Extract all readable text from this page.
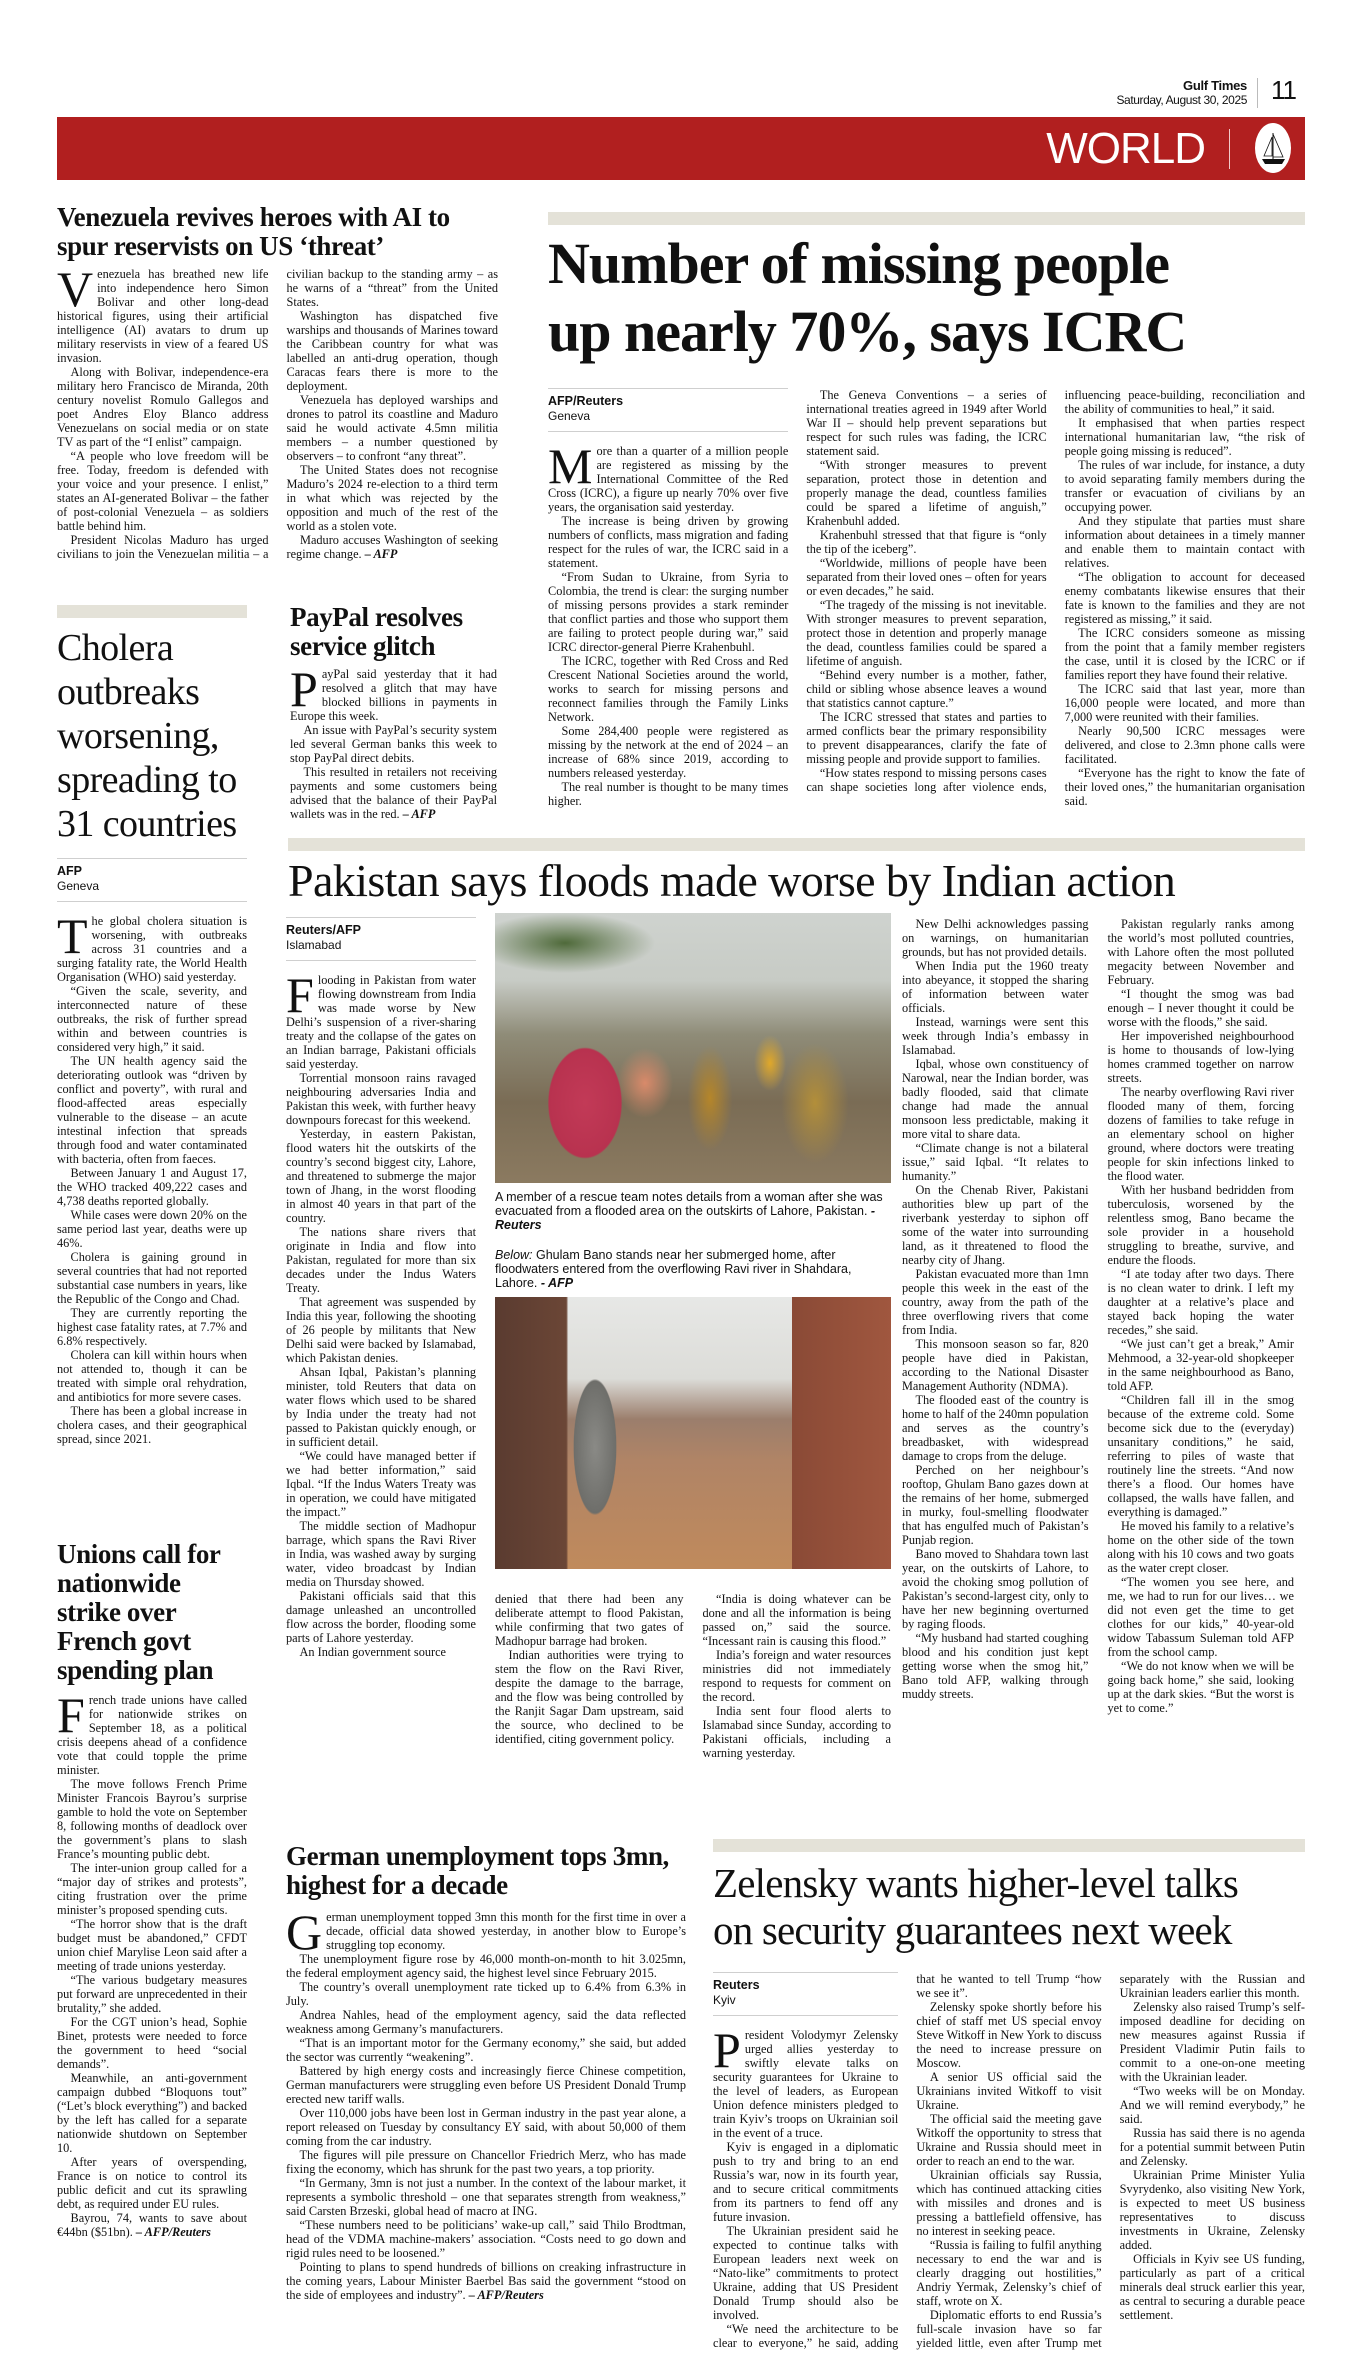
Gulf Times
Saturday, August 30, 2025 11
WORLD
Venezuela revives heroes with AI to spur reservists on US ‘threat’

Venezuela has breathed new life into independence hero Simon Bolivar and other long-dead historical figures, using their artificial intelligence (AI) avatars to drum up military reservists in view of a feared US invasion.

Along with Bolivar, independence-era military hero Francisco de Miranda, 20th century novelist Romulo Gallegos and poet Andres Eloy Blanco address Venezuelans on social media or on state TV as part of the “I enlist” campaign.

“A people who love freedom will be free. Today, freedom is defended with your voice and your presence. I enlist,” states an AI-generated Bolivar – the father of post-colonial Venezuela – as soldiers battle behind him.

President Nicolas Maduro has urged civilians to join the Venezuelan militia – a civilian backup to the standing army – as he warns of a “threat” from the United States.

Washington has dispatched five warships and thousands of Marines toward the Caribbean country for what was labelled an anti-drug operation, though Caracas fears there is more to the deployment.

Venezuela has deployed warships and drones to patrol its coastline and Maduro said he would activate 4.5mn militia members – a number questioned by observers – to confront “any threat”.

The United States does not recognise Maduro’s 2024 re-election to a third term in what which was rejected by the opposition and much of the rest of the world as a stolen vote.

Maduro accuses Washington of seeking regime change. – AFP

Number of missing people
up nearly 70%, says ICRC
AFP/Reuters
Geneva

More than a quarter of a million people are registered as missing by the International Committee of the Red Cross (ICRC), a figure up nearly 70% over five years, the organisation said yesterday.

The increase is being driven by growing numbers of conflicts, mass migration and fading respect for the rules of war, the ICRC said in a statement.

“From Sudan to Ukraine, from Syria to Colombia, the trend is clear: the surging number of missing persons provides a stark reminder that conflict parties and those who support them are failing to protect people during war,” said ICRC director-general Pierre Krahenbuhl.

The ICRC, together with Red Cross and Red Crescent National Societies around the world, works to search for missing persons and reconnect families through the Family Links Network.

Some 284,400 people were registered as missing by the network at the end of 2024 – an increase of 68% since 2019, according to numbers released yesterday.

The real number is thought to be many times higher.

The Geneva Conventions – a series of international treaties agreed in 1949 after World War II – should help prevent separations but respect for such rules was fading, the ICRC statement said.

“With stronger measures to prevent separation, protect those in detention and properly manage the dead, countless families could be spared a lifetime of anguish,” Krahenbuhl added.

Krahenbuhl stressed that that figure is “only the tip of the iceberg”.

“Worldwide, millions of people have been separated from their loved ones – often for years or even decades,” he said.

“The tragedy of the missing is not inevitable. With stronger measures to prevent separation, protect those in detention and properly manage the dead, countless families could be spared a lifetime of anguish.

“Behind every number is a mother, father, child or sibling whose absence leaves a wound that statistics cannot capture.”

The ICRC stressed that states and parties to armed conflicts bear the primary responsibility to prevent disappearances, clarify the fate of missing people and provide support to families.

“How states respond to missing persons cases can shape societies long after violence ends, influencing peace-building, reconciliation and the ability of communities to heal,” it said.

It emphasised that when parties respect international humanitarian law, “the risk of people going missing is reduced”.

The rules of war include, for instance, a duty to avoid separating family members during the transfer or evacuation of civilians by an occupying power.

And they stipulate that parties must share information about detainees in a timely manner and enable them to maintain contact with relatives.

“The obligation to account for deceased enemy combatants likewise ensures that their fate is known to the families and they are not registered as missing,” it said.

The ICRC considers someone as missing from the point that a family member registers the case, until it is closed by the ICRC or if families report they have found their relative.

The ICRC said that last year, more than 16,000 people were located, and more than 7,000 were reunited with their families.

Nearly 90,500 ICRC messages were delivered, and close to 2.3mn phone calls were facilitated.

“Everyone has the right to know the fate of their loved ones,” the humanitarian organisation said.

Cholera
outbreaks
worsening,
spreading to
31 countries
AFP
Geneva

The global cholera situation is worsening, with outbreaks across 31 countries and a surging fatality rate, the World Health Organisation (WHO) said yesterday.

“Given the scale, severity, and interconnected nature of these outbreaks, the risk of further spread within and between countries is considered very high,” it said.

The UN health agency said the deteriorating outlook was “driven by conflict and poverty”, with rural and flood-affected areas especially vulnerable to the disease – an acute intestinal infection that spreads through food and water contaminated with bacteria, often from faeces.

Between January 1 and August 17, the WHO tracked 409,222 cases and 4,738 deaths reported globally.

While cases were down 20% on the same period last year, deaths were up 46%.

Cholera is gaining ground in several countries that had not reported substantial case numbers in years, like the Republic of the Congo and Chad.

They are currently reporting the highest case fatality rates, at 7.7% and 6.8% respectively.

Cholera can kill within hours when not attended to, though it can be treated with simple oral rehydration, and antibiotics for more severe cases.

There has been a global increase in cholera cases, and their geographical spread, since 2021.

PayPal resolves service glitch

PayPal said yesterday that it had resolved a glitch that may have blocked billions in payments in Europe this week.

An issue with PayPal’s security system led several German banks this week to stop PayPal direct debits.

This resulted in retailers not receiving payments and some customers being advised that the balance of their PayPal wallets was in the red. – AFP

Unions call for nationwide strike over French govt spending plan

French trade unions have called for nationwide strikes on September 18, as a political crisis deepens ahead of a confidence vote that could topple the prime minister.

The move follows French Prime Minister Francois Bayrou’s surprise gamble to hold the vote on September 8, following months of deadlock over the government’s plans to slash France’s mounting public debt.

The inter-union group called for a “major day of strikes and protests”, citing frustration over the prime minister’s proposed spending cuts.

“The horror show that is the draft budget must be abandoned,” CFDT union chief Marylise Leon said after a meeting of trade unions yesterday.

“The various budgetary measures put forward are unprecedented in their brutality,” she added.

For the CGT union’s head, Sophie Binet, protests were needed to force the government to heed “social demands”.

Meanwhile, an anti-government campaign dubbed “Bloquons tout” (“Let’s block everything”) and backed by the left has called for a separate nationwide shutdown on September 10.

After years of overspending, France is on notice to control its public deficit and cut its sprawling debt, as required under EU rules.

Bayrou, 74, wants to save about €44bn ($51bn). – AFP/Reuters

Pakistan says floods made worse by Indian action
Reuters/AFP
Islamabad

Flooding in Pakistan from water flowing downstream from India was made worse by New Delhi’s suspension of a river-sharing treaty and the collapse of the gates on an Indian barrage, Pakistani officials said yesterday.

Torrential monsoon rains ravaged neighbouring adversaries India and Pakistan this week, with further heavy downpours forecast for this weekend.

Yesterday, in eastern Pakistan, flood waters hit the outskirts of the country’s second biggest city, Lahore, and threatened to submerge the major town of Jhang, in the worst flooding in almost 40 years in that part of the country.

The nations share rivers that originate in India and flow into Pakistan, regulated for more than six decades under the Indus Waters Treaty.

That agreement was suspended by India this year, following the shooting of 26 people by militants that New Delhi said were backed by Islamabad, which Pakistan denies.

Ahsan Iqbal, Pakistan’s planning minister, told Reuters that data on water flows which used to be shared by India under the treaty had not passed to Pakistan quickly enough, or in sufficient detail.

“We could have managed better if we had better information,” said Iqbal. “If the Indus Waters Treaty was in operation, we could have mitigated the impact.”

The middle section of Madhopur barrage, which spans the Ravi River in India, was washed away by surging water, video broadcast by Indian media on Thursday showed.

Pakistani officials said that this damage unleashed an uncontrolled flow across the border, flooding some parts of Lahore yesterday.

An Indian government source

A member of a rescue team notes details from a woman after she was evacuated from a flooded area on the outskirts of Lahore, Pakistan. - Reuters
Below: Ghulam Bano stands near her submerged home, after floodwaters entered from the overflowing Ravi river in Shahdara, Lahore. - AFP

denied that there had been any deliberate attempt to flood Pakistan, while confirming that two gates of Madhopur barrage had broken.

Indian authorities were trying to stem the flow on the Ravi River, despite the damage to the barrage, and the flow was being controlled by the Ranjit Sagar Dam upstream, said the source, who declined to be identified, citing government policy.

“India is doing whatever can be done and all the information is being passed on,” said the source. “Incessant rain is causing this flood.”

India’s foreign and water resources ministries did not immediately respond to requests for comment on the record.

India sent four flood alerts to Islamabad since Sunday, according to Pakistani officials, including a warning yesterday.

New Delhi acknowledges passing on warnings, on humanitarian grounds, but has not provided details.

When India put the 1960 treaty into abeyance, it stopped the sharing of information between water officials.

Instead, warnings were sent this week through India’s embassy in Islamabad.

Iqbal, whose own constituency of Narowal, near the Indian border, was badly flooded, said that climate change had made the annual monsoon less predictable, making it more vital to share data.

“Climate change is not a bilateral issue,” said Iqbal. “It relates to humanity.”

On the Chenab River, Pakistani authorities blew up part of the riverbank yesterday to siphon off some of the water into surrounding land, as it threatened to flood the nearby city of Jhang.

Pakistan evacuated more than 1mn people this week in the east of the country, away from the path of the three overflowing rivers that come from India.

This monsoon season so far, 820 people have died in Pakistan, according to the National Disaster Management Authority (NDMA).

The flooded east of the country is home to half of the 240mn population and serves as the country’s breadbasket, with widespread damage to crops from the deluge.

Perched on her neighbour’s rooftop, Ghulam Bano gazes down at the remains of her home, submerged in murky, foul-smelling floodwater that has engulfed much of Pakistan’s Punjab region.

Bano moved to Shahdara town last year, on the outskirts of Lahore, to avoid the choking smog pollution of Pakistan’s second-largest city, only to have her new beginning overturned by raging floods.

“My husband had started coughing blood and his condition just kept getting worse when the smog hit,” Bano told AFP, walking through muddy streets.

Pakistan regularly ranks among the world’s most polluted countries, with Lahore often the most polluted megacity between November and February.

“I thought the smog was bad enough – I never thought it could be worse with the floods,” she said.

Her impoverished neighbourhood is home to thousands of low-lying homes crammed together on narrow streets.

The nearby overflowing Ravi river flooded many of them, forcing dozens of families to take refuge in an elementary school on higher ground, where doctors were treating people for skin infections linked to the flood water.

With her husband bedridden from tuberculosis, worsened by the relentless smog, Bano became the sole provider in a household struggling to breathe, survive, and endure the floods.

“I ate today after two days. There is no clean water to drink. I left my daughter at a relative’s place and stayed back hoping the water recedes,” she said.

“We just can’t get a break,” Amir Mehmood, a 32-year-old shopkeeper in the same neighbourhood as Bano, told AFP.

“Children fall ill in the smog because of the extreme cold. Some become sick due to the (everyday) unsanitary conditions,” he said, referring to piles of waste that routinely line the streets. “And now there’s a flood. Our homes have collapsed, the walls have fallen, and everything is damaged.”

He moved his family to a relative’s home on the other side of the town along with his 10 cows and two goats as the water crept closer.

“The women you see here, and me, we had to run for our lives… we did not even get the time to get clothes for our kids,” 40-year-old widow Tabassum Suleman told AFP from the school camp.

“We do not know when we will be going back home,” she said, looking up at the dark skies. “But the worst is yet to come.”

German unemployment tops 3mn, highest for a decade

German unemployment topped 3mn this month for the first time in over a decade, official data showed yesterday, in another blow to Europe’s struggling top economy.

The unemployment figure rose by 46,000 month-on-month to hit 3.025mn, the federal employment agency said, the highest level since February 2015.

The country’s overall unemployment rate ticked up to 6.4% from 6.3% in July.

Andrea Nahles, head of the employment agency, said the data reflected weakness among Germany’s manufacturers.

“That is an important motor for the Germany economy,” she said, but added the sector was currently “weakening”.

Battered by high energy costs and increasingly fierce Chinese competition, German manufacturers were struggling even before US President Donald Trump erected new tariff walls.

Over 110,000 jobs have been lost in German industry in the past year alone, a report released on Tuesday by consultancy EY said, with about 50,000 of them coming from the car industry.

The figures will pile pressure on Chancellor Friedrich Merz, who has made fixing the economy, which has shrunk for the past two years, a top priority.

“In Germany, 3mn is not just a number. In the context of the labour market, it represents a symbolic threshold – one that separates strength from weakness,” said Carsten Brzeski, global head of macro at ING.

“These numbers need to be politicians’ wake-up call,” said Thilo Brodtman, head of the VDMA machine-makers’ association. “Costs need to go down and rigid rules need to be loosened.”

Pointing to plans to spend hundreds of billions on creaking infrastructure in the coming years, Labour Minister Baerbel Bas said the government “stood on the side of employees and industry”. – AFP/Reuters

Zelensky wants higher-level talks
on security guarantees next week
Reuters
Kyiv

President Volodymyr Zelensky urged allies yesterday to swiftly elevate talks on security guarantees for Ukraine to the level of leaders, as European Union defence ministers pledged to train Kyiv’s troops on Ukrainian soil in the event of a truce.

Kyiv is engaged in a diplomatic push to try and bring to an end Russia’s war, now in its fourth year, and to secure critical commitments from its partners to fend off any future invasion.

The Ukrainian president said he expected to continue talks with European leaders next week on “Nato-like” commitments to protect Ukraine, adding that US President Donald Trump should also be involved.

“We need the architecture to be clear to everyone,” he said, adding that he wanted to tell Trump “how we see it”.

Zelensky spoke shortly before his chief of staff met US special envoy Steve Witkoff in New York to discuss the need to increase pressure on Moscow.

A senior US official said the Ukrainians invited Witkoff to visit Ukraine.

The official said the meeting gave Witkoff the opportunity to stress that Ukraine and Russia should meet in order to reach an end to the war.

Ukrainian officials say Russia, which has continued attacking cities with missiles and drones and is pressing a battlefield offensive, has no interest in seeking peace.

“Russia is failing to fulfil anything necessary to end the war and is clearly dragging out hostilities,” Andriy Yermak, Zelensky’s chief of staff, wrote on X.

Diplomatic efforts to end Russia’s full-scale invasion have so far yielded little, even after Trump met separately with the Russian and Ukrainian leaders earlier this month.

Zelensky also raised Trump’s self-imposed deadline for deciding on new measures against Russia if President Vladimir Putin fails to commit to a one-on-one meeting with the Ukrainian leader.

“Two weeks will be on Monday. And we will remind everybody,” he said.

Russia has said there is no agenda for a potential summit between Putin and Zelensky.

Ukrainian Prime Minister Yulia Svyrydenko, also visiting New York, is expected to meet US business representatives to discuss investments in Ukraine, Zelensky added.

Officials in Kyiv see US funding, particularly as part of a critical minerals deal struck earlier this year, as central to securing a durable peace settlement.
